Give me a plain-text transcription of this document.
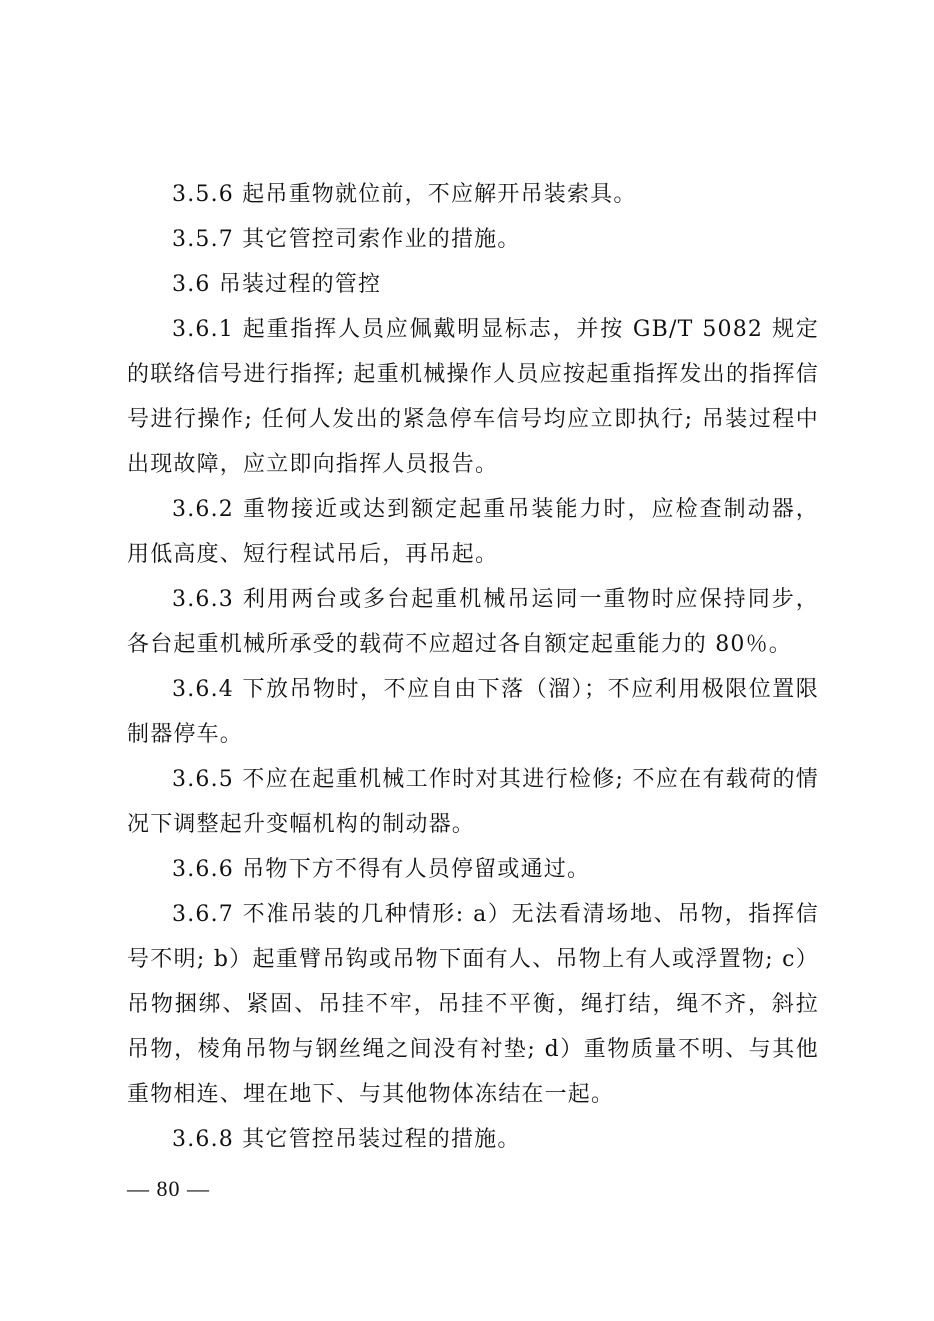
3.5.6 起吊重物就位前，不应解开吊装索具。

3.5.7 其它管控司索作业的措施。

3.6 吊装过程的管控

3.6.1 起重指挥人员应佩戴明显标志，并按 GB/T 5082 规定的联络信号进行指挥; 起重机械操作人员应按起重指挥发出的指挥信号进行操作; 任何人发出的紧急停车信号均应立即执行; 吊装过程中出现故障，应立即向指挥人员报告。

3.6.2 重物接近或达到额定起重吊装能力时，应检查制动器，用低高度、短行程试吊后，再吊起。

3.6.3 利用两台或多台起重机械吊运同一重物时应保持同步，各台起重机械所承受的载荷不应超过各自额定起重能力的 80％。

3.6.4 下放吊物时，不应自由下落（溜）；不应利用极限位置限制器停车。

3.6.5 不应在起重机械工作时对其进行检修; 不应在有载荷的情况下调整起升变幅机构的制动器。

3.6.6 吊物下方不得有人员停留或通过。

3.6.7 不准吊装的几种情形: a）无法看清场地、吊物，指挥信号不明; b）起重臂吊钩或吊物下面有人、吊物上有人或浮置物; c）吊物捆绑、紧固、吊挂不牢，吊挂不平衡，绳打结，绳不齐，斜拉吊物，棱角吊物与钢丝绳之间没有衬垫; d）重物质量不明、与其他重物相连、埋在地下、与其他物体冻结在一起。

3.6.8 其它管控吊装过程的措施。

— 80 —
